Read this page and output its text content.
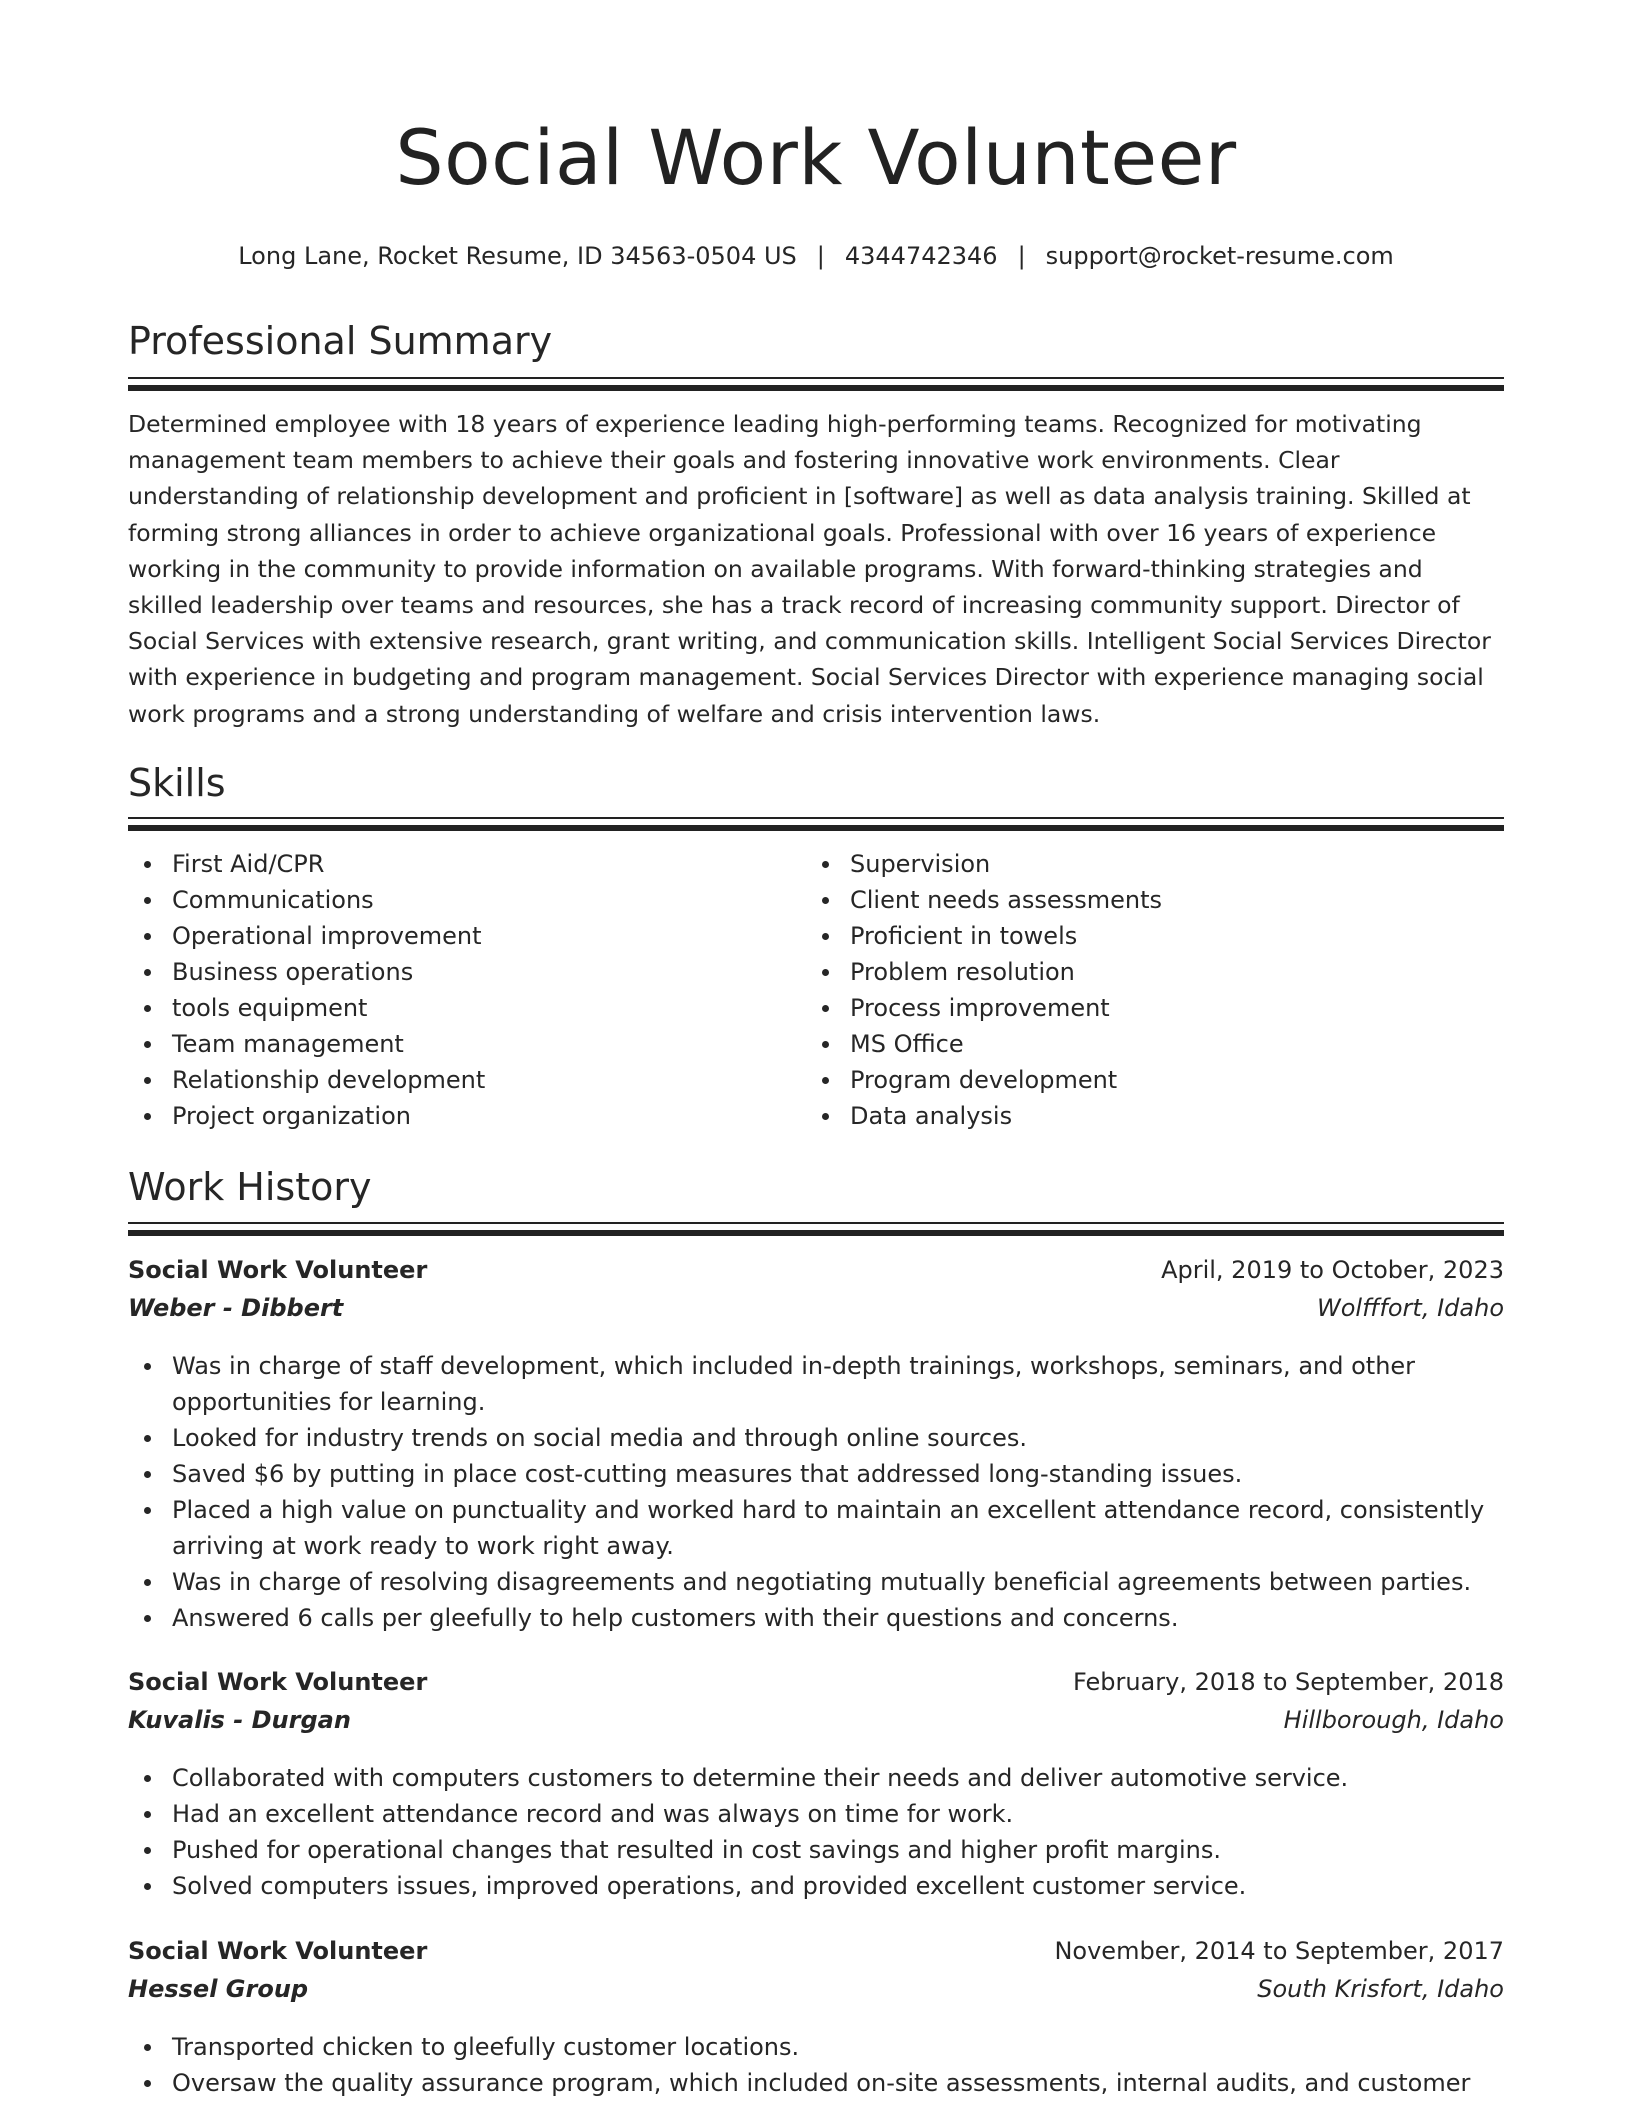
Social Work Volunteer
Long Lane, Rocket Resume, ID 34563-0504 US | 4344742346 | support@rocket-resume.com
Professional Summary

Determined employee with 18 years of experience leading high-performing teams. Recognized for motivating management team members to achieve their goals and fostering innovative work environments. Clear understanding of relationship development and proficient in [software] as well as data analysis training. Skilled at forming strong alliances in order to achieve organizational goals. Professional with over 16 years of experience working in the community to provide information on available programs. With forward-thinking strategies and skilled leadership over teams and resources, she has a track record of increasing community support. Director of Social Services with extensive research, grant writing, and communication skills. Intelligent Social Services Director with experience in budgeting and program management. Social Services Director with experience managing social work programs and a strong understanding of welfare and crisis intervention laws.

Skills
First Aid/CPR
Communications
Operational improvement
Business operations
tools equipment
Team management
Relationship development
Project organization
Supervision
Client needs assessments
Proficient in towels
Problem resolution
Process improvement
MS Office
Program development
Data analysis
Work History
Social Work Volunteer	April, 2019 to October, 2023
Weber - Dibbert	Wolfffort, Idaho
Was in charge of staff development, which included in-depth trainings, workshops, seminars, and other opportunities for learning.
Looked for industry trends on social media and through online sources.
Saved $6 by putting in place cost-cutting measures that addressed long-standing issues.
Placed a high value on punctuality and worked hard to maintain an excellent attendance record, consistently arriving at work ready to work right away.
Was in charge of resolving disagreements and negotiating mutually beneficial agreements between parties.
Answered 6 calls per gleefully to help customers with their questions and concerns.
Social Work Volunteer	February, 2018 to September, 2018
Kuvalis - Durgan	Hillborough, Idaho
Collaborated with computers customers to determine their needs and deliver automotive service.
Had an excellent attendance record and was always on time for work.
Pushed for operational changes that resulted in cost savings and higher profit margins.
Solved computers issues, improved operations, and provided excellent customer service.
Social Work Volunteer	November, 2014 to September, 2017
Hessel Group	South Krisfort, Idaho
Transported chicken to gleefully customer locations.
Oversaw the quality assurance program, which included on-site assessments, internal audits, and customer
